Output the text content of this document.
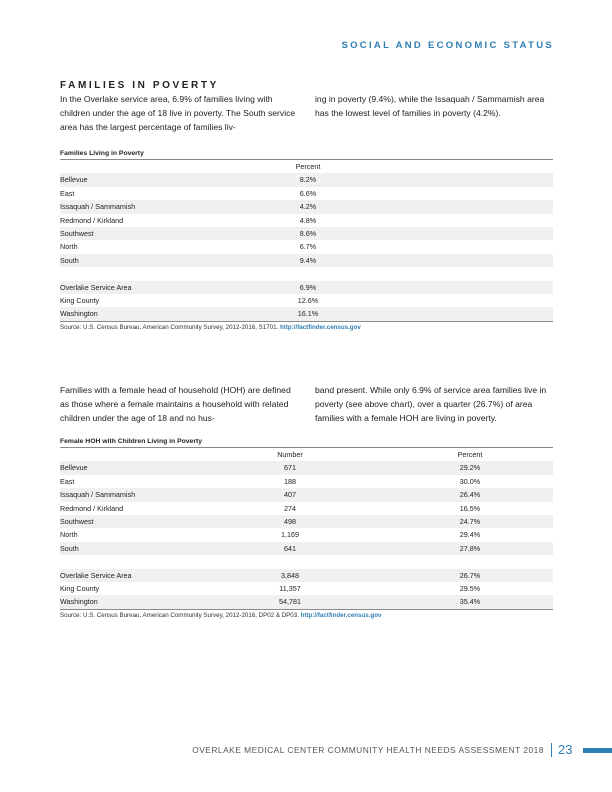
SOCIAL AND ECONOMIC STATUS
FAMILIES IN POVERTY
In the Overlake service area, 6.9% of families living with children under the age of 18 live in poverty. The South service area has the largest percentage of families liv-
ing in poverty (9.4%), while the Issaquah / Sammamish area has the lowest level of families in poverty (4.2%).
Families Living in Poverty
Percent
Bellevue	8.2%
East	6.6%
Issaquah / Sammamish	4.2%
Redmond / Kirkland	4.8%
Southwest	8.6%
North	6.7%
South	9.4%
Overlake Service Area	6.9%
King County	12.6%
Washington	16.1%
Source: U.S. Census Bureau, American Community Survey, 2012-2016, S1701. http://factfinder.census.gov
Families with a female head of household (HOH) are defined as those where a female maintains a household with related children under the age of 18 and no hus-
band present. While only 6.9% of service area families live in poverty (see above chart), over a quarter (26.7%) of area families with a female HOH are living in poverty.
Female HOH with Children Living in Poverty
Number	Percent
Bellevue	671	29.2%
East	188	30.0%
Issaquah / Sammamish	407	26.4%
Redmond / Kirkland	274	16.5%
Southwest	498	24.7%
North	1,169	29.4%
South	641	27.8%
Overlake Service Area	3,848	26.7%
King County	11,357	29.5%
Washington	54,781	35.4%
Source: U.S. Census Bureau, American Community Survey, 2012-2016, DP02 & DP03. http://factfinder.census.gov
OVERLAKE MEDICAL CENTER COMMUNITY HEALTH NEEDS ASSESSMENT 2018 23
